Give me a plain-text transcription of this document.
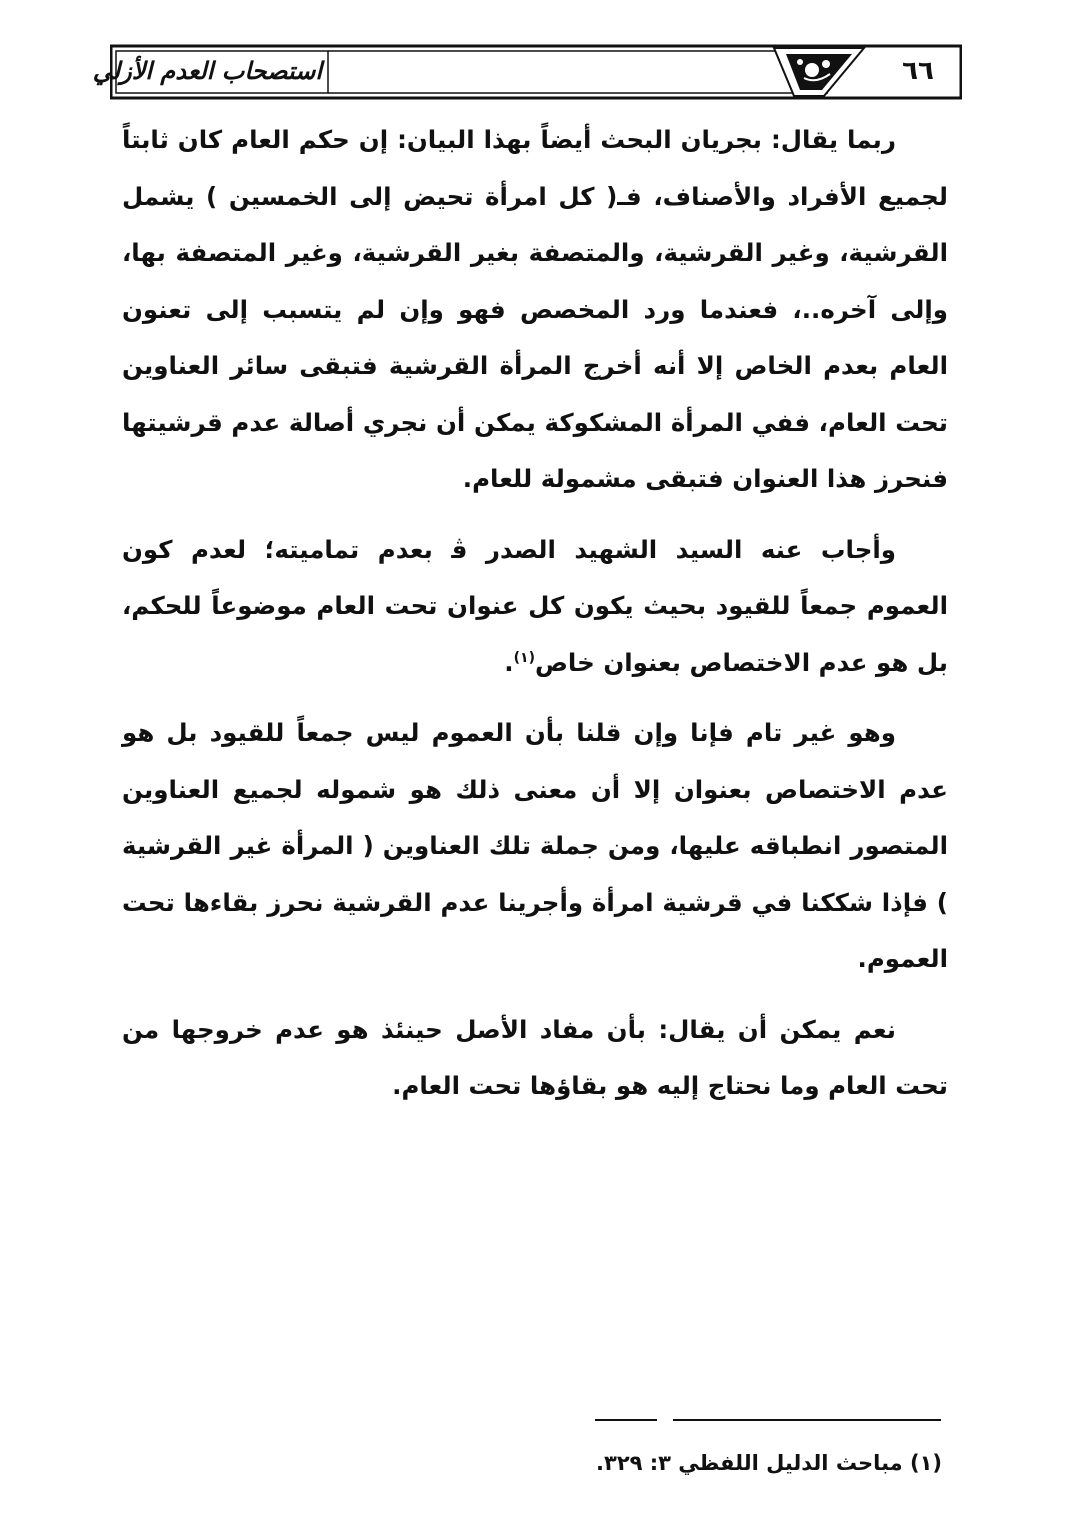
٦٦
استصحاب العدم الأزلي

ربما يقال: بجريان البحث أيضاً بهذا البيان: إن حكم العام كان ثابتاً لجميع الأفراد والأصناف، فـ( كل امرأة تحيض إلى الخمسين ) يشمل القرشية، وغير القرشية، والمتصفة بغير القرشية، وغير المتصفة بها، وإلى آخره..، فعندما ورد المخصص فهو وإن لم يتسبب إلى تعنون العام بعدم الخاص إلا أنه أخرج المرأة القرشية فتبقى سائر العناوين تحت العام، ففي المرأة المشكوكة يمكن أن نجري أصالة عدم قرشيتها فنحرز هذا العنوان فتبقى مشمولة للعام.

وأجاب عنه السيد الشهيد الصدر ﭬ بعدم تماميته؛ لعدم كون العموم جمعاً للقيود بحيث يكون كل عنوان تحت العام موضوعاً للحكم، بل هو عدم الاختصاص بعنوان خاص$^{(١)}$.

وهو غير تام فإنا وإن قلنا بأن العموم ليس جمعاً للقيود بل هو عدم الاختصاص بعنوان إلا أن معنى ذلك هو شموله لجميع العناوين المتصور انطباقه عليها، ومن جملة تلك العناوين ( المرأة غير القرشية ) فإذا شككنا في قرشية امرأة وأجرينا عدم القرشية نحرز بقاءها تحت العموم.

نعم يمكن أن يقال: بأن مفاد الأصل حينئذ هو عدم خروجها من تحت العام وما نحتاج إليه هو بقاؤها تحت العام.

(١) مباحث الدليل اللفظي ٣: ٣٢٩.
